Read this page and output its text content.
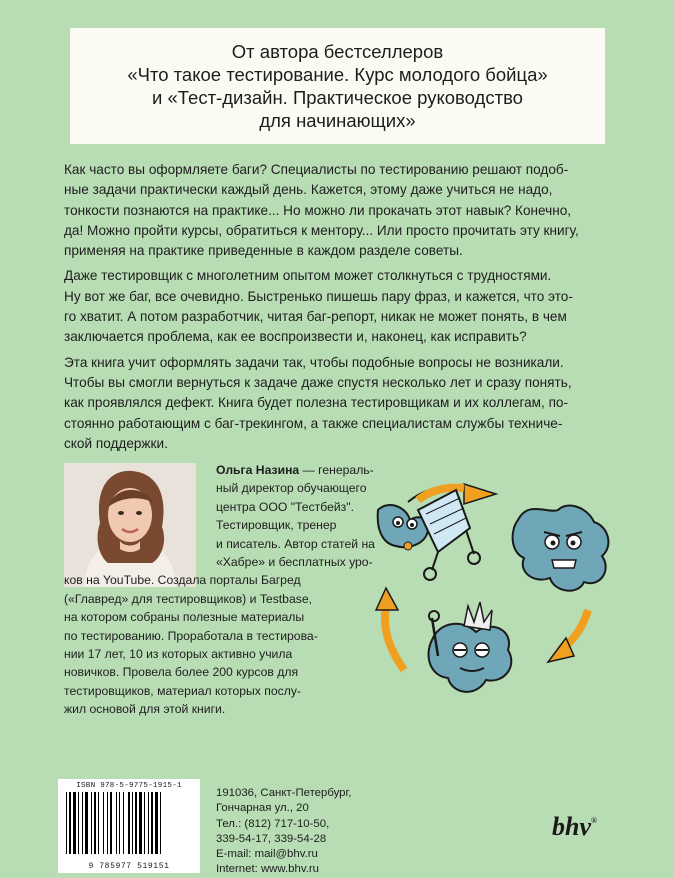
От автора бестселлеров
«Что такое тестирование. Курс молодого бойца»
и «Тест-дизайн. Практическое руководство
для начинающих»
Как часто вы оформляете баги? Специалисты по тестированию решают подоб-
ные задачи практически каждый день. Кажется, этому даже учиться не надо,
тонкости познаются на практике... Но можно ли прокачать этот навык? Конечно,
да! Можно пройти курсы, обратиться к ментору... Или просто прочитать эту книгу,
применяя на практике приведенные в каждом разделе советы.
Даже тестировщик с многолетним опытом может столкнуться с трудностями.
Ну вот же баг, все очевидно. Быстренько пишешь пару фраз, и кажется, что это-
го хватит. А потом разработчик, читая баг-репорт, никак не может понять, в чем
заключается проблема, как ее воспроизвести и, наконец, как исправить?
Эта книга учит оформлять задачи так, чтобы подобные вопросы не возникали.
Чтобы вы смогли вернуться к задаче даже спустя несколько лет и сразу понять,
как проявлялся дефект. Книга будет полезна тестировщикам и их коллегам, по-
стоянно работающим с баг-трекингом, а также специалистам службы техниче-
ской поддержки.
Ольга Назина — генераль-
ный директор обучающего
центра ООО "Тестбейз".
Тестировщик, тренер
и писатель. Автор статей на
«Хабре» и бесплатных уро-
ков на YouTube. Создала порталы Багред
(«Главред» для тестировщиков) и Testbase,
на котором собраны полезные материалы
по тестированию. Проработала в тестирова-
нии 17 лет, 10 из которых активно учила
новичков. Провела более 200 курсов для
тестировщиков, материал которых послу-
жил основой для этой книги.
ISBN 978-5-9775-1915-1
9 785977 519151
191036, Санкт-Петербург,
Гончарная ул., 20
Тел.: (812) 717-10-50,
339-54-17, 339-54-28
E-mail: mail@bhv.ru
Internet: www.bhv.ru
bhv®
